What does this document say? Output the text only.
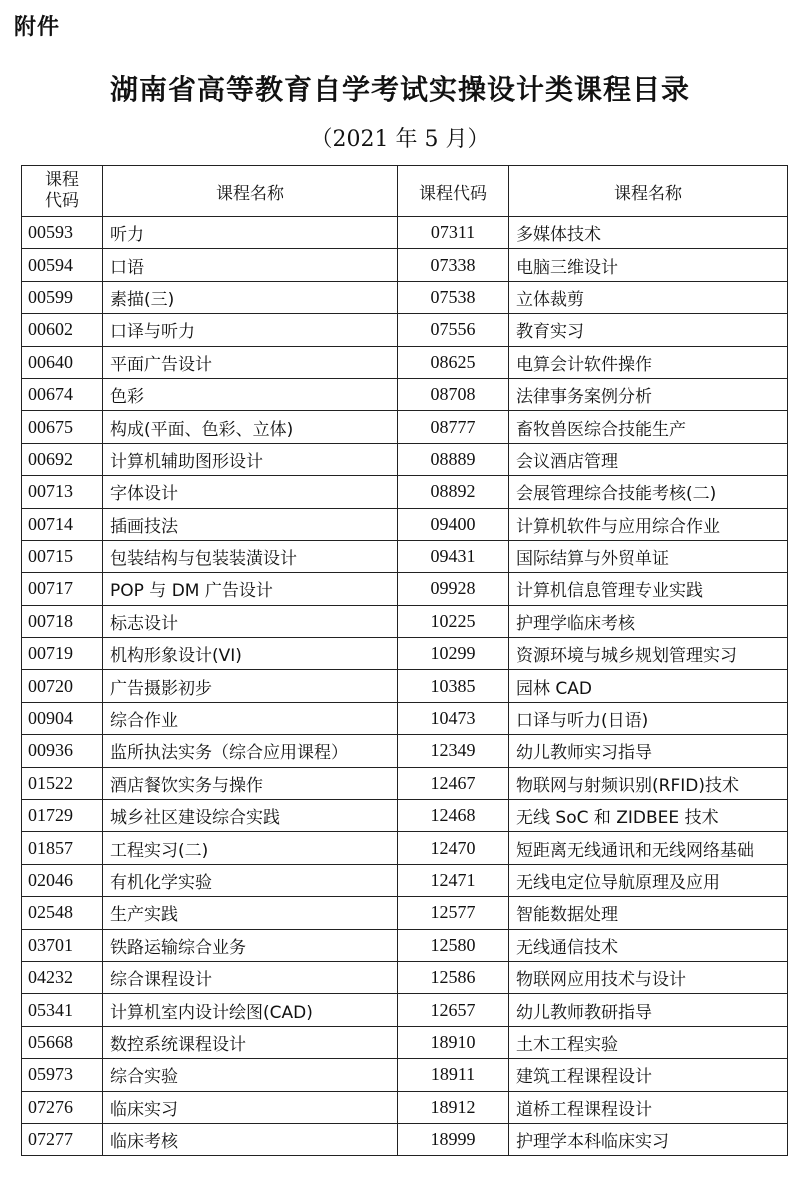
附件
湖南省高等教育自学考试实操设计类课程目录
（2021 年 5 月）
课程代码	课程名称	课程代码	课程名称
00593	听力	07311	多媒体技术
00594	口语	07338	电脑三维设计
00599	素描(三)	07538	立体裁剪
00602	口译与听力	07556	教育实习
00640	平面广告设计	08625	电算会计软件操作
00674	色彩	08708	法律事务案例分析
00675	构成(平面、色彩、立体)	08777	畜牧兽医综合技能生产
00692	计算机辅助图形设计	08889	会议酒店管理
00713	字体设计	08892	会展管理综合技能考核(二)
00714	插画技法	09400	计算机软件与应用综合作业
00715	包装结构与包装装潢设计	09431	国际结算与外贸单证
00717	POP 与 DM 广告设计	09928	计算机信息管理专业实践
00718	标志设计	10225	护理学临床考核
00719	机构形象设计(VI)	10299	资源环境与城乡规划管理实习
00720	广告摄影初步	10385	园林 CAD
00904	综合作业	10473	口译与听力(日语)
00936	监所执法实务（综合应用课程）	12349	幼儿教师实习指导
01522	酒店餐饮实务与操作	12467	物联网与射频识别(RFID)技术
01729	城乡社区建设综合实践	12468	无线 SoC 和 ZIDBEE 技术
01857	工程实习(二)	12470	短距离无线通讯和无线网络基础
02046	有机化学实验	12471	无线电定位导航原理及应用
02548	生产实践	12577	智能数据处理
03701	铁路运输综合业务	12580	无线通信技术
04232	综合课程设计	12586	物联网应用技术与设计
05341	计算机室内设计绘图(CAD)	12657	幼儿教师教研指导
05668	数控系统课程设计	18910	土木工程实验
05973	综合实验	18911	建筑工程课程设计
07276	临床实习	18912	道桥工程课程设计
07277	临床考核	18999	护理学本科临床实习
